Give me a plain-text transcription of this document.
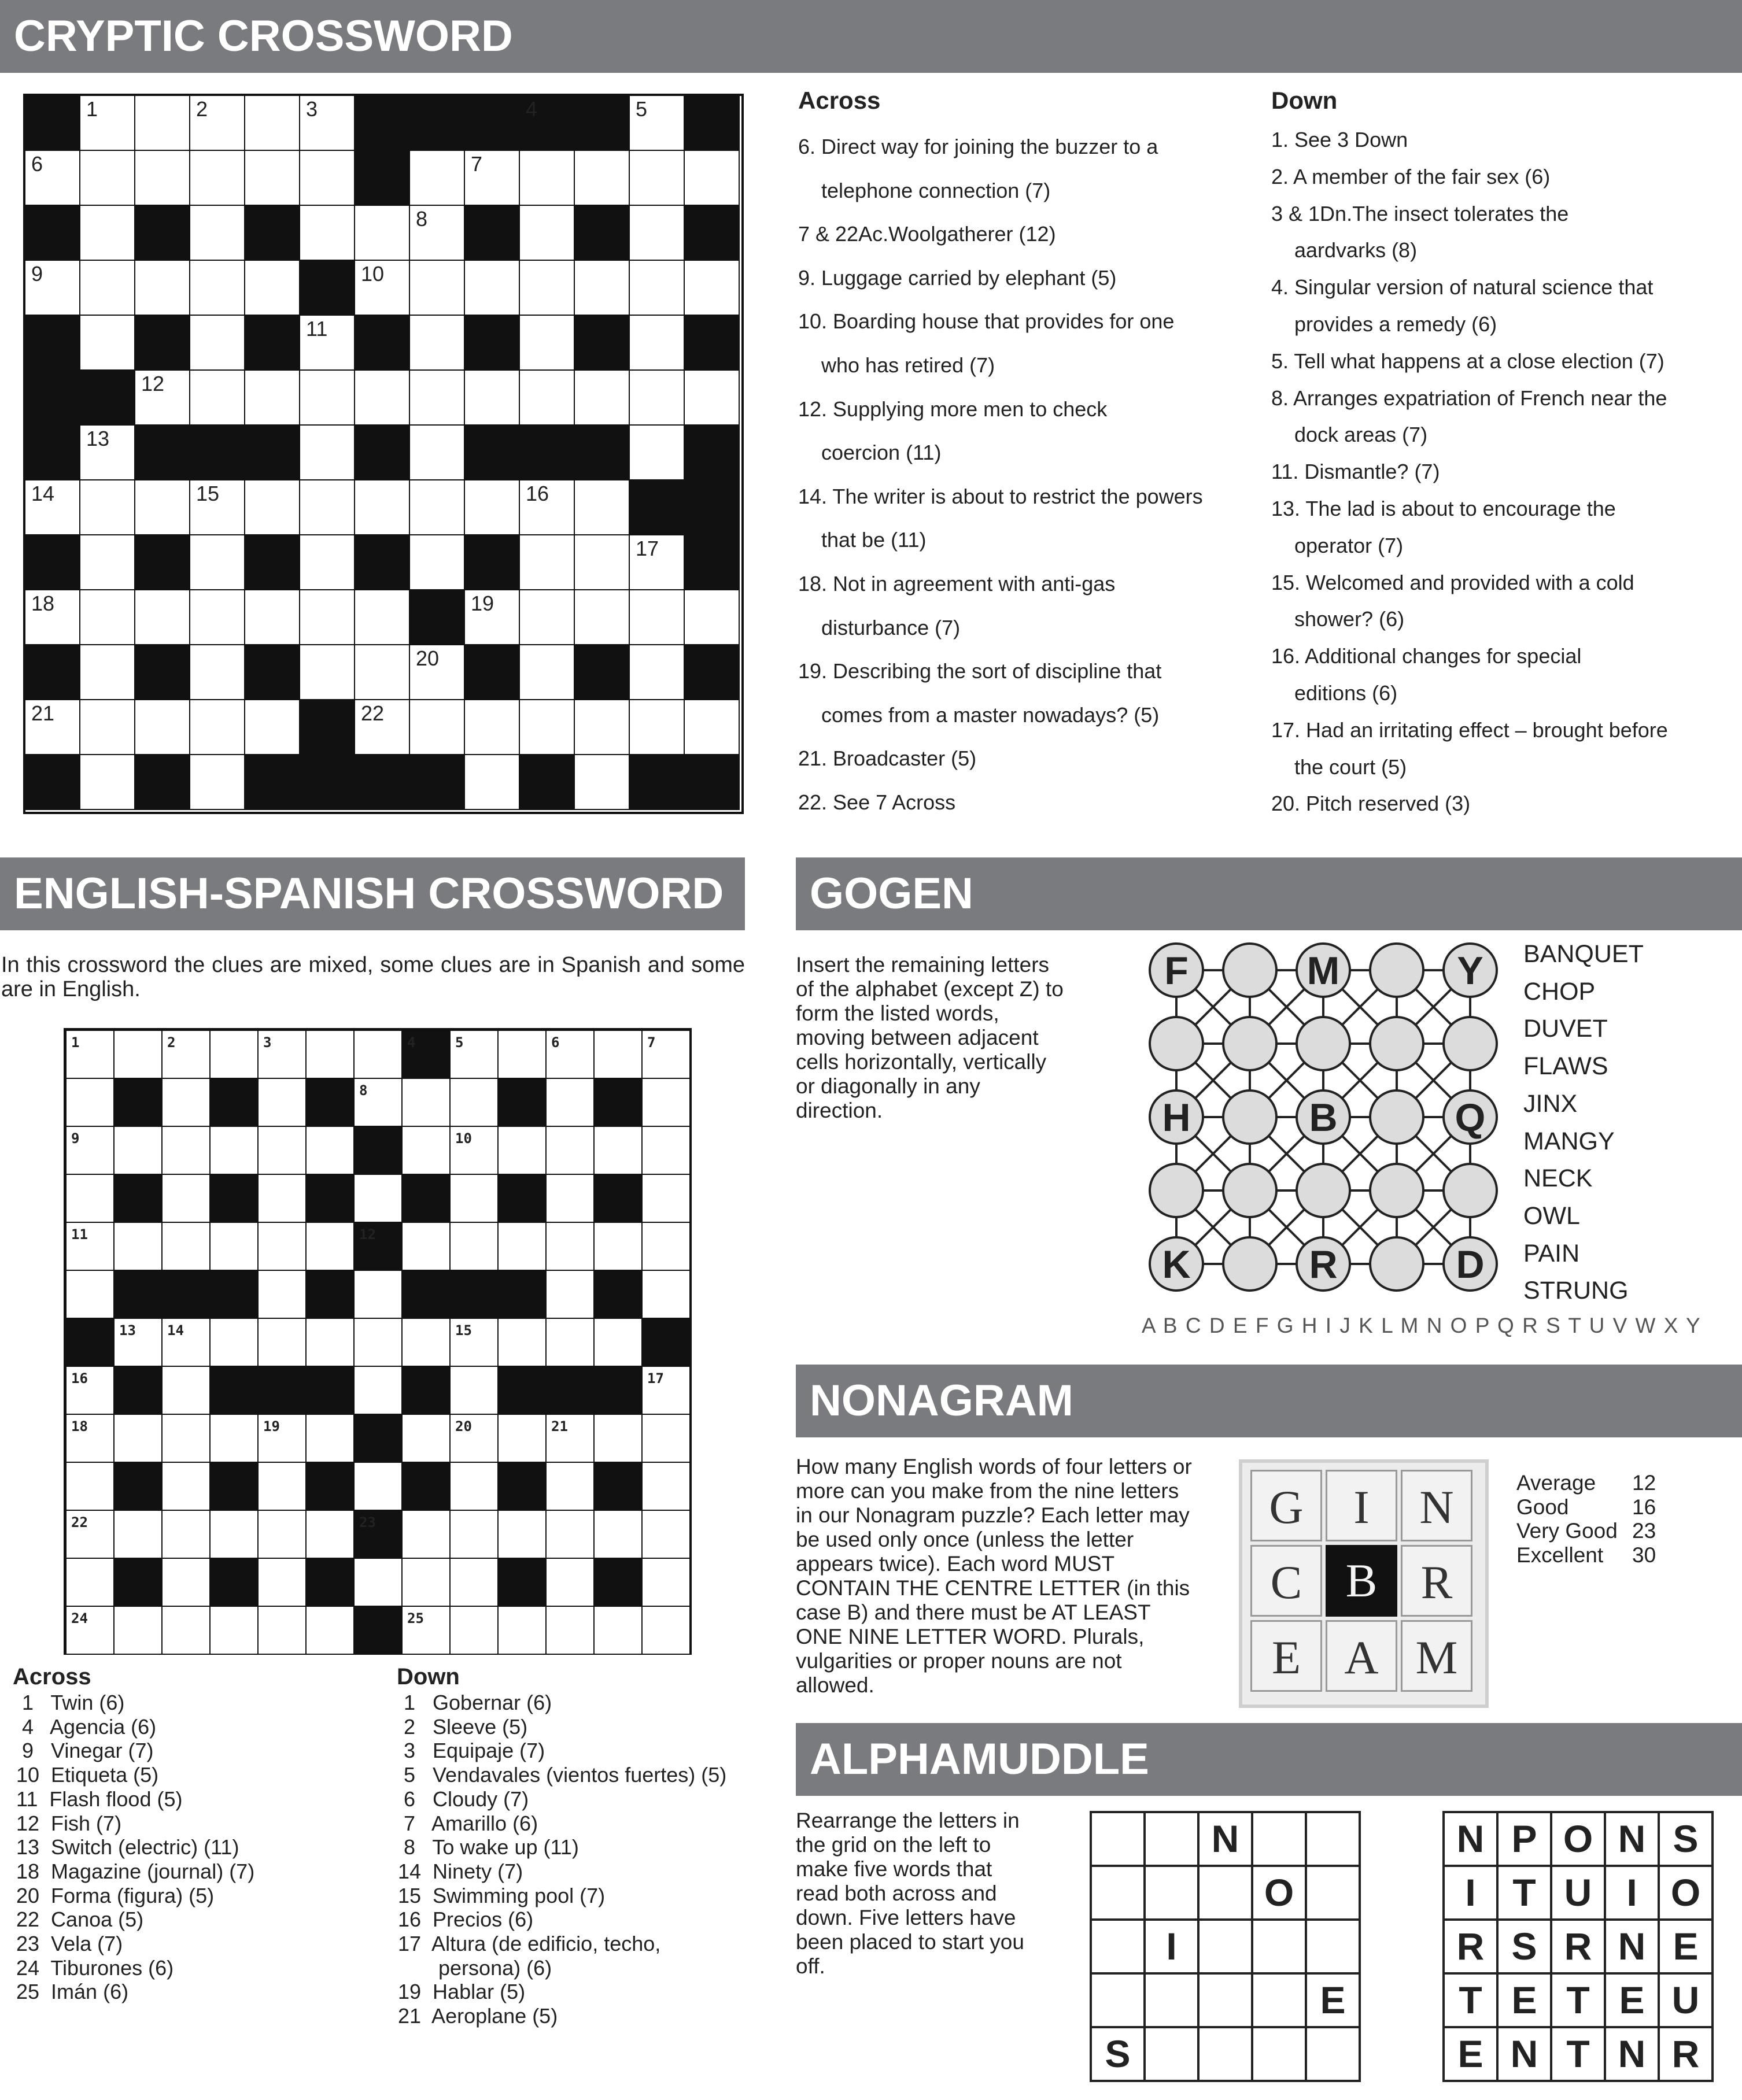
CRYPTIC CROSSWORD
1	2	3	4	5
6	7
8
9	10
11
12
13
14	15	16
17
18	19
20
21	22
Across	Down
ENGLISH-SPANISH CROSSWORD
In this crossword the clues are mixed, some clues are in Spanish and some are in English.
1	2	3	4	5	6	7
8
9	10
11	12
13 14	15
16	17
18	19	20	21
22	23
24	25
Across	Down
GOGEN
Insert the remaining letters of the alphabet (except Z) to form the listed words, moving between adjacent cells horizontally, vertically or diagonally in any direction.
F	M	Y
H	B	Q
K	R	D
A B C D E F G H I J K L M N O P Q R S T U V W X Y
NONAGRAM
How many English words of four letters or more can you make from the nine letters in our Nonagram puzzle? Each letter may be used only once (unless the letter appears twice). Each word MUST CONTAIN THE CENTRE LETTER (in this case B) and there must be AT LEAST ONE NINE LETTER WORD. Plurals, vulgarities or proper nouns are not allowed.
G	I	N
C B R
E A M
ALPHAMUDDLE
Rearrange the letters in the grid on the left to make five words that read both across and down. Five letters have been placed to start you off.
6. Direct way for joining the buzzer to a
telephone connection (7)
7 & 22Ac.Woolgatherer (12)
9. Luggage carried by elephant (5)
10. Boarding house that provides for one
who has retired (7)
12. Supplying more men to check
coercion (11)
14. The writer is about to restrict the powers
that be (11)
18. Not in agreement with anti-gas
disturbance (7)
19. Describing the sort of discipline that
comes from a master nowadays? (5)
21. Broadcaster (5)
22. See 7 Across
1. See 3 Down
2. A member of the fair sex (6)
3 & 1Dn.The insect tolerates the
aardvarks (8)
4. Singular version of natural science that
provides a remedy (6)
5. Tell what happens at a close election (7)
8. Arranges expatriation of French near the
dock areas (7)
11. Dismantle? (7)
13. The lad is about to encourage the
operator (7)
15. Welcomed and provided with a cold
shower? (6)
16. Additional changes for special
editions (6)
17. Had an irritating effect – brought before
the court (5)
20. Pitch reserved (3)
1   Twin (6)
4   Agencia (6)
9   Vinegar (7)
10  Etiqueta (5)
11  Flash flood (5)
12  Fish (7)
13  Switch (electric) (11)
18  Magazine (journal) (7)
20  Forma (figura) (5)
22  Canoa (5)
23  Vela (7)
24  Tiburones (6)
25  Imán (6)
1   Gobernar (6)
2   Sleeve (5)
3   Equipaje (7)
5   Vendavales (vientos fuertes) (5)
6   Cloudy (7)
7   Amarillo (6)
8   To wake up (11)
14  Ninety (7)
15  Swimming pool (7)
16  Precios (6)
17  Altura (de edificio, techo,
persona) (6)
19  Hablar (5)
21  Aeroplane (5)
BANQUET
CHOP
DUVET
FLAWS
JINX
MANGY
NECK
OWL
PAIN
STRUNG
Average 12
Good	16
Very Good 23
Excellent 30
N
O
I
E
S
N P O N S
I T U I O
R S R N E
T E T E U
E N T N R
